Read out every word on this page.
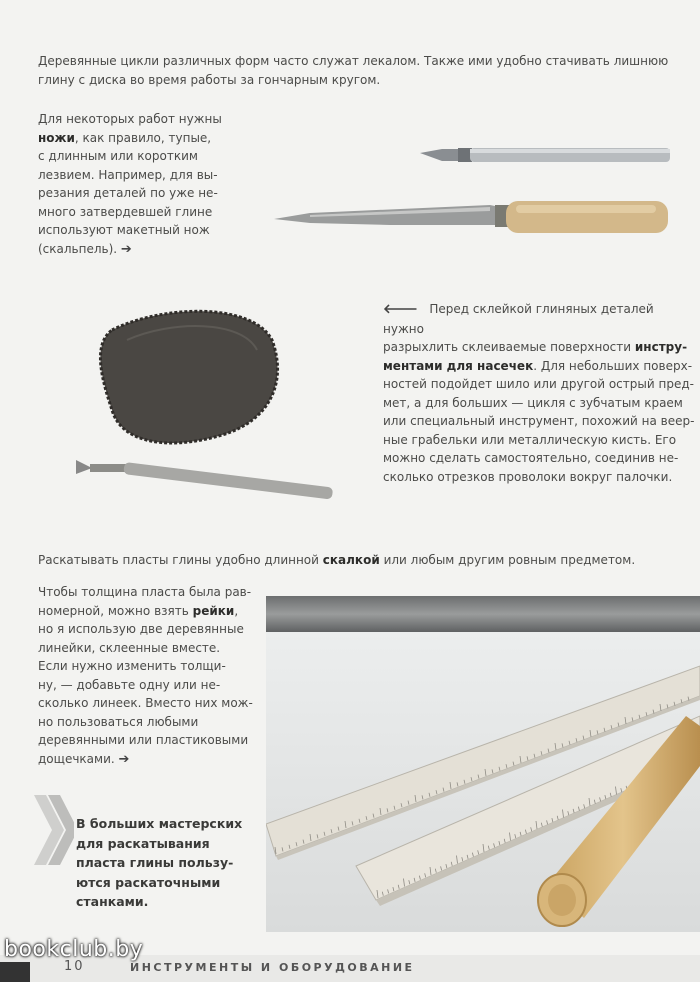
Деревянные цикли различных форм часто служат лекалом. Также ими удобно стачивать лишнюю глину с диска во время работы за гончарным кругом.
Для некоторых работ нужны
ножи, как правило, тупые,
с длинным или коротким
лезвием. Например, для вы-
резания деталей по уже не-
много затвердевшей глине
используют макетный нож
(скальпель). ➔
🡐 Перед склейкой глиняных деталей нужно
разрыхлить склеиваемые поверхности инстру-
ментами для насечек. Для небольших поверх-
ностей подойдет шило или другой острый пред-
мет, а для больших — цикля с зубчатым краем
или специальный инструмент, похожий на веер-
ные грабельки или металлическую кисть. Его
можно сделать самостоятельно, соединив не-
сколько отрезков проволоки вокруг палочки.
Раскатывать пласты глины удобно длинной скалкой или любым другим ровным предметом.
Чтобы толщина пласта была рав-
номерной, можно взять рейки,
но я использую две деревянные
линейки, склеенные вместе.
Если нужно изменить толщи-
ну, — добавьте одну или не-
сколько линеек. Вместо них мож-
но пользоваться любыми
деревянными или пластиковыми
дощечками. ➔
В больших мастерских
для раскатывания
пласта глины пользу-
ются раскаточными
станками.
10	ИНСТРУМЕНТЫ И ОБОРУДОВАНИЕ
bookclub.by
